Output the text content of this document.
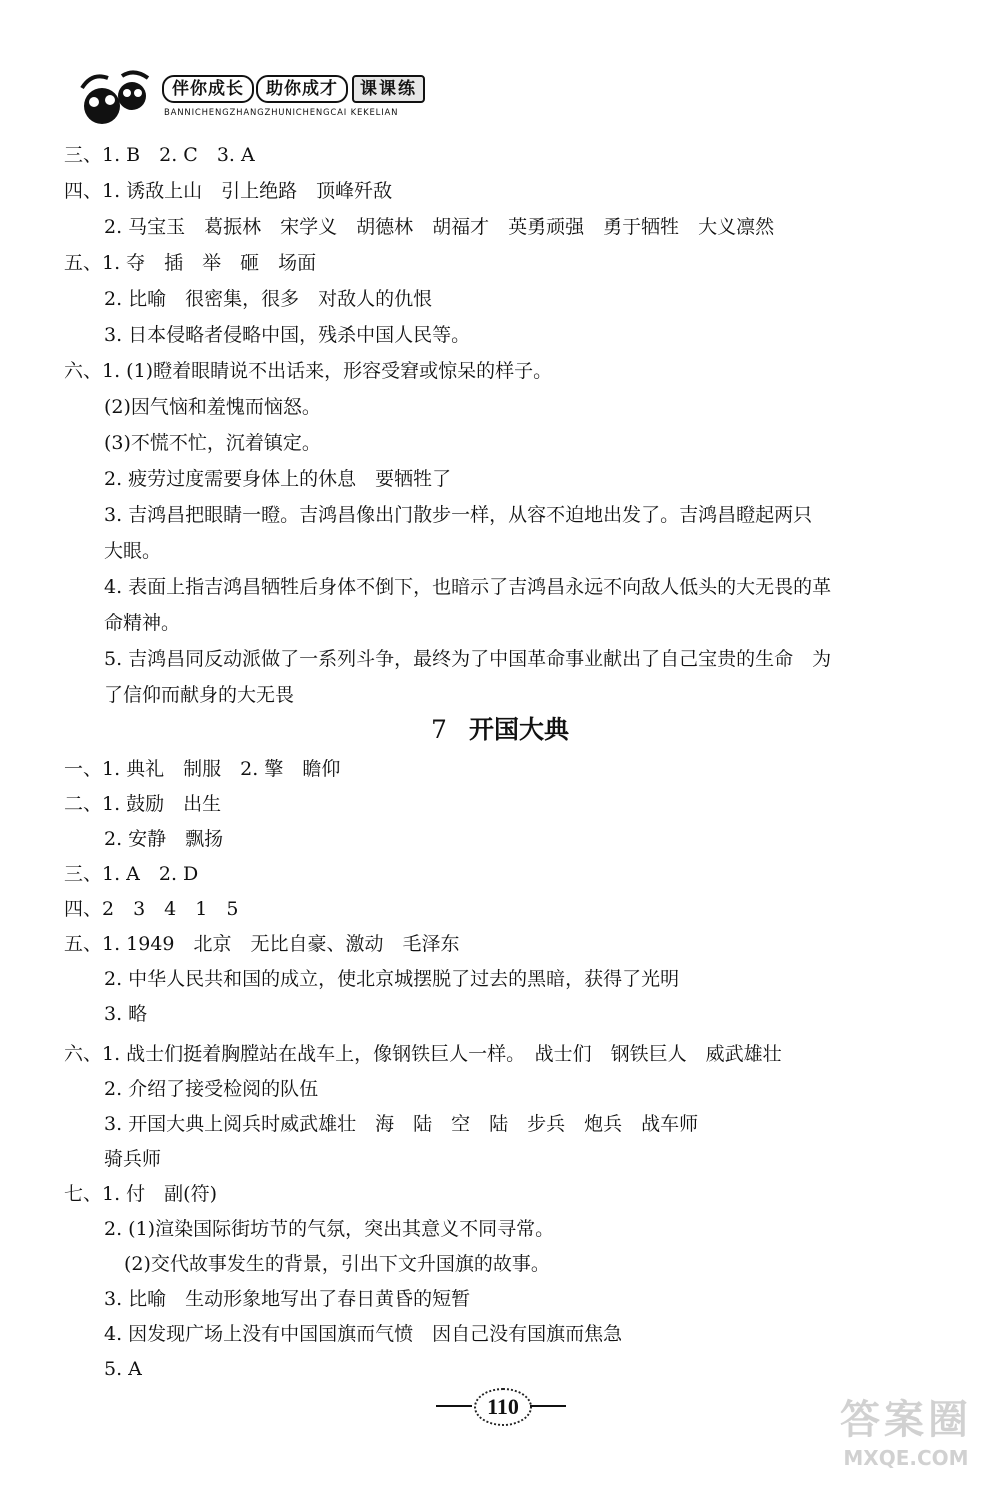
伴你成长	助你成才	课课练
BANNICHENGZHANGZHUNICHENGCAI KEKELIAN
三、1. B　2. C　3. A
四、1. 诱敌上山　引上绝路　顶峰歼敌
2. 马宝玉　葛振林　宋学义　胡德林　胡福才　英勇顽强　勇于牺牲　大义凛然
五、1. 夺　插　举　砸　场面
2. 比喻　很密集，很多　对敌人的仇恨
3. 日本侵略者侵略中国，残杀中国人民等。
六、1. (1)瞪着眼睛说不出话来，形容受窘或惊呆的样子。
(2)因气恼和羞愧而恼怒。
(3)不慌不忙，沉着镇定。
2. 疲劳过度需要身体上的休息　要牺牲了
3. 吉鸿昌把眼睛一瞪。吉鸿昌像出门散步一样，从容不迫地出发了。吉鸿昌瞪起两只
大眼。
4. 表面上指吉鸿昌牺牲后身体不倒下，也暗示了吉鸿昌永远不向敌人低头的大无畏的革
命精神。
5. 吉鸿昌同反动派做了一系列斗争，最终为了中国革命事业献出了自己宝贵的生命　为
了信仰而献身的大无畏
7 开国大典
一、1. 典礼　制服　2. 擎　瞻仰
二、1. 鼓励　出生
2. 安静　飘扬
三、1. A　2. D
四、2　3　4　1　5
五、1. 1949　北京　无比自豪、激动　毛泽东
2. 中华人民共和国的成立，使北京城摆脱了过去的黑暗，获得了光明
3. 略
六、1. 战士们挺着胸膛站在战车上，像钢铁巨人一样。　战士们　钢铁巨人　威武雄壮
2. 介绍了接受检阅的队伍
3. 开国大典上阅兵时威武雄壮　海　陆　空　陆　步兵　炮兵　战车师
骑兵师
七、1. 付　副(符)
2. (1)渲染国际街坊节的气氛，突出其意义不同寻常。
(2)交代故事发生的背景，引出下文升国旗的故事。
3. 比喻　生动形象地写出了春日黄昏的短暂
4. 因发现广场上没有中国国旗而气愤　因自己没有国旗而焦急
5. A
110	答案圈
MXQE.COM
